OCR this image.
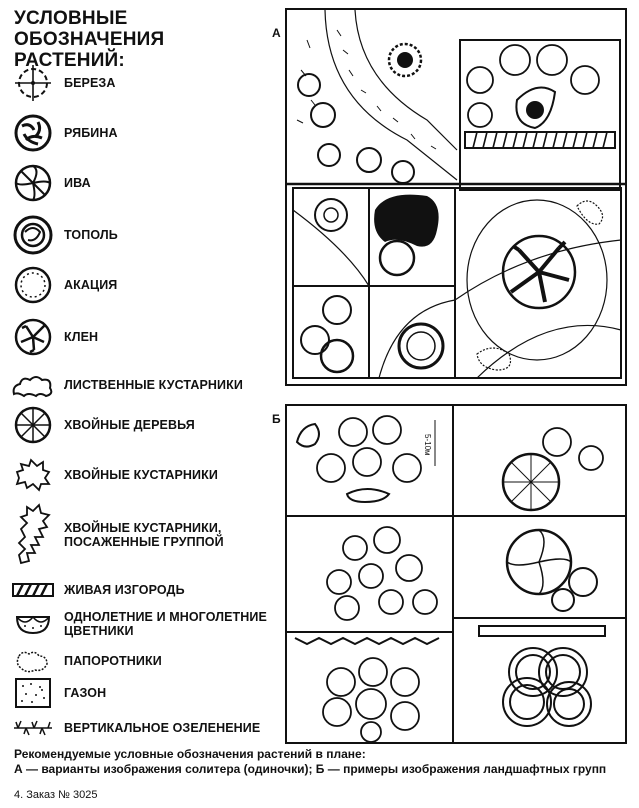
УСЛОВНЫЕ ОБОЗНАЧЕНИЯ
РАСТЕНИЙ:
БЕРЕЗА
РЯБИНА
ИВА
ТОПОЛЬ
АКАЦИЯ
КЛЕН
ЛИСТВЕННЫЕ КУСТАРНИКИ
ХВОЙНЫЕ ДЕРЕВЬЯ
ХВОЙНЫЕ КУСТАРНИКИ
ХВОЙНЫЕ КУСТАРНИКИ,
ПОСАЖЕННЫЕ ГРУППОЙ
ЖИВАЯ ИЗГОРОДЬ
ОДНОЛЕТНИЕ И МНОГОЛЕТНИЕ
ЦВЕТНИКИ
ПАПОРОТНИКИ
ГАЗОН
ВЕРТИКАЛЬНОЕ ОЗЕЛЕНЕНИЕ
А
Б
5-10м
Рекомендуемые условные обозначения растений в плане:
А — варианты изображения солитера (одиночки); Б — примеры изображения ландшафтных групп
4. Заказ № 3025
